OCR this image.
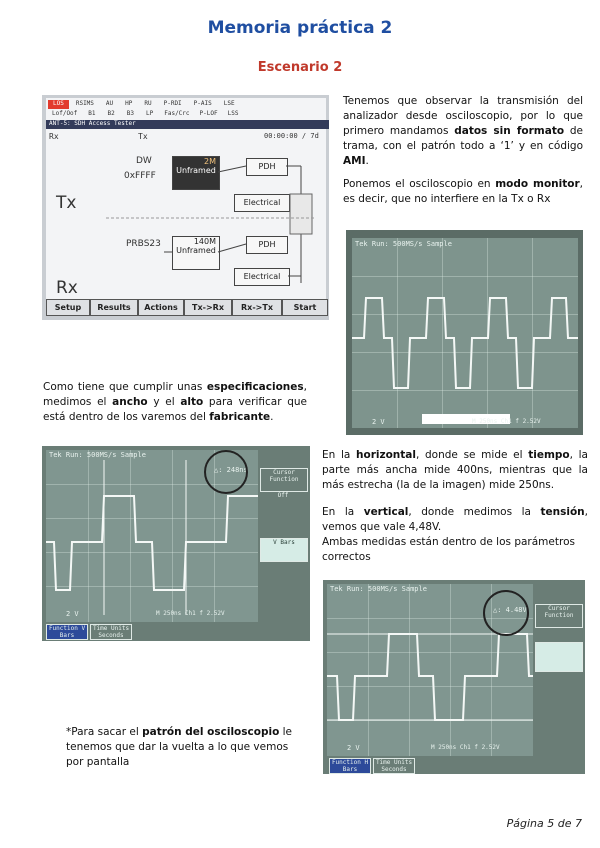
Memoria práctica 2
Escenario 2
LOS	RSIMS	AU	HP	RU	P-RDI	P-AIS	LSE
Lof/Oof	B1	B2	B3	LP	Fas/Crc	P-LOF	LSS
ANT-5: SDH Access Tester
Rx	Tx	00:00:00 / 7d
Tx
DW
0xFFFF
2M
Unframed	PDH
Electrical
Rx
PRBS23	140M
Unframed
PDH
Electrical
Setup	Results	Actions	Tx->Rx	Rx->Tx	Start

Tenemos que observar la transmisión del analizador desde osciloscopio, por lo que primero mandamos datos sin formato de trama, con el patrón todo a ‘1’ y en código AMI.

Ponemos el osciloscopio en modo monitor, es decir, que no interfiere en la Tx o Rx

Tek Run: 500MS/s Sample
2 V	M 250ns Ch1 f 2.52V

Como tiene que cumplir unas especificaciones, medimos el ancho y el alto para verificar que está dentro de los varemos del fabricante.

Tek Run: 500MS/s Sample
2 V	M 250ns Ch1 f 2.52V
△: 248ns	Cursor Function
Off
V Bars
Function V Bars
Time Units Seconds

En la horizontal, donde se mide el tiempo, la parte más ancha mide 400ns, mientras que la más estrecha (la de la imagen) mide 250ns.

En la vertical, donde medimos la tensión, vemos que vale 4,48V.

Ambas medidas están dentro de los parámetros correctos

Tek Run: 500MS/s Sample
2 V	M 250ns Ch1 f 2.52V
△: 4.48V	Cursor Function
Function H Bars
Time Units Seconds

*Para sacar el patrón del osciloscopio le tenemos que dar la vuelta a lo que vemos por pantalla

Página 5 de 7
